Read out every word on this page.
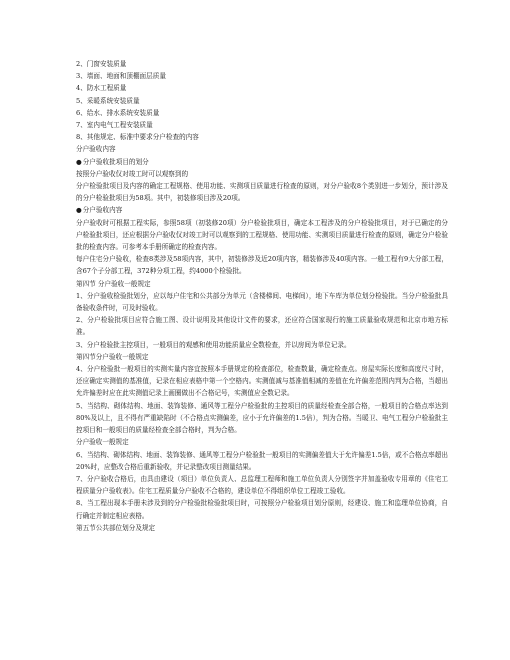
2、门窗安装质量
3、墙面、地面和顶棚面层质量
4、防水工程质量
5、采暖系统安装质量
6、给水、排水系统安装质量
7、室内电气工程安装质量
8、其他规定、标准中要求分户检查的内容
分户验收内容
● 分户验收批项目的划分
按照分户验收仅对竣工时可以观察到的
分户检验批项目及内容的确定工程规格、使用功能、实测项目质量进行检查的原则，对分户验收8个类别进一步划分，预计涉及的分户检验批项目为58项。其中，初装修项目涉及20项。
● 分户验收内容
分户验收时可根据工程实际，参照58项（初装修20项）分户检验批项目，确定本工程涉及的分户检验批项目，对于已确定的分户检验批项目，还应根据分户验收仅对竣工时可以观察到的工程规格、使用功能、实测项目质量进行检查的原则，确定分户检验批的检查内容。可参考本手册所确定的检查内容。
每户住宅分户验收，检查8类涉及58项内容，其中，初装修涉及近20项内容，精装修涉及40项内容。一般工程有9大分部工程，含67个子分部工程，372种分项工程，约4000个检验批。
第四节 分户验收一般规定
1、分户验收检验批划分，应以每户住宅和公共部分为单元（含楼梯间、电梯间），地下车库为单位划分检验批。当分户检验批具备验收条件时，可及时验收。
2、分户检验批项目应符合施工图、设计说明及其他设计文件的要求，还应符合国家现行的施工质量验收规范和北京市地方标准。
3、分户检验批主控项目，一般项目的观感和使用功能质量应全数检查，并以房间为单位记录。
第四节分户验收一般规定
4、分户检验批一般项目的实测实量内容宜按照本手册规定的检查部位，检查数量，确定检查点。房屋实际长度和高度尺寸时，还应确定实测值的基准值，记录在相应表格中第一个空格内。实测值减与基准值相减的差值在允许偏差范围内判为合格，当超出允许偏差时应在此实测值记录上画圈做出不合格记号，实测值应全数记录。
5、当结构、砌体结构、地面、装饰装修、通风等工程分户检验批的主控项目的质量经检查全部合格，一般项目的合格点率达到80%及以上，且不得有严重缺陷时（不合格点实测偏差，应小于允许偏差的1.5倍），判为合格。当暖卫、电气工程分户检验批主控项目和一般项目的质量经检查全部合格时，判为合格。
分户验收一般规定
6、当结构、砌体结构、地面、装饰装修、通风等工程分户检验批一般项目的实测偏差值大于允许偏差1.5倍，或不合格点率超出20%时，应整改合格后重新验收，并记录整改项目测量结果。
7、分户验收合格后，由具由建设（项目）单位负责人、总监理工程师和施工单位负责人分别签字并加盖验收专用章的《住宅工程质量分户验收表》。住宅工程质量分户验收不合格的，建设单位不得组织单位工程竣工验收。
8、当工程出现本手册未涉及到的分户检验批检验批项目时，可按照分户检验项目划分原则，经建设、施工和监理单位协商，自行确定并制定相应表格。
第五节公共部位划分及规定
